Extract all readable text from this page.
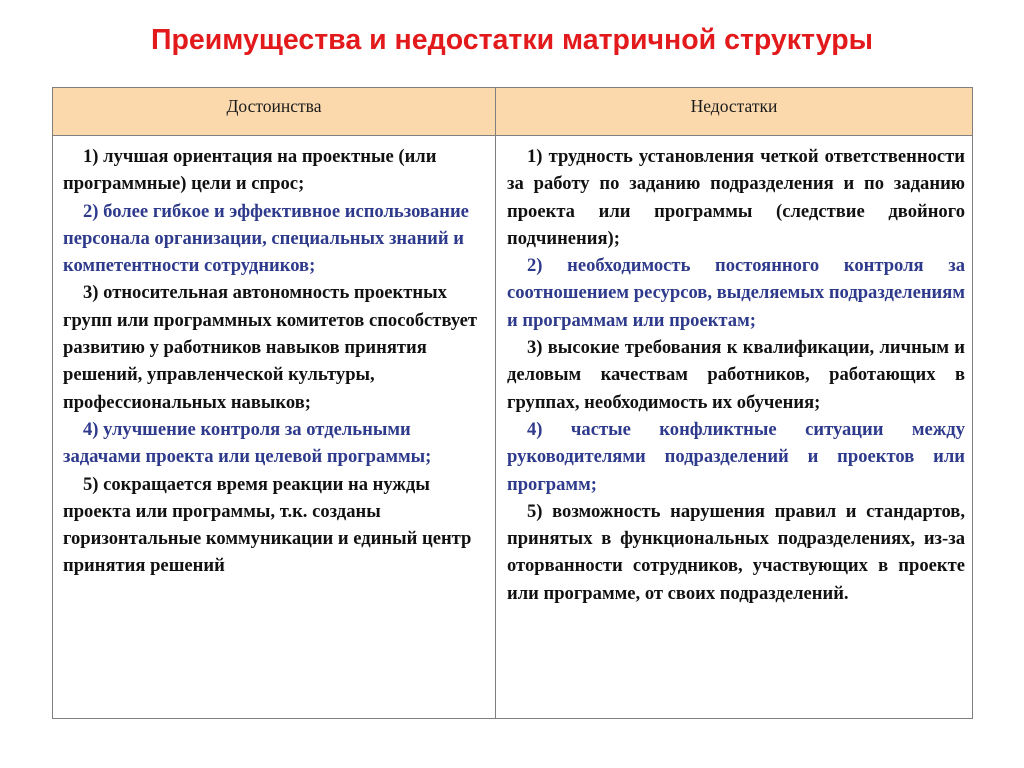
Преимущества и недостатки матричной структуры
Достоинства	Недостатки

1) лучшая ориентация на проектные (или программные) цели и спрос;

2) более гибкое и эффективное использование персонала организации, специальных знаний и компетентности сотрудников;

3) относительная автономность проектных групп или программных комитетов способствует развитию у работников навыков принятия решений, управленческой культуры, профессиональных навыков;

4) улучшение контроля за отдельными задачами проекта или целевой программы;

5) сокращается время реакции на нужды проекта или программы, т.к. созданы горизонтальные коммуникации и единый центр принятия решений

1) трудность установления четкой ответственности за работу по заданию подразделения и по заданию проекта или программы (следствие двойного подчинения);

2) необходимость постоянного контроля за соотношением ресурсов, выделяемых подразделениям и программам или проектам;

3) высокие требования к квалификации, личным и деловым качествам работников, работающих в группах, необходимость их обучения;

4) частые конфликтные ситуации между руководителями подразделений и проектов или программ;

5) возможность нарушения правил и стандартов, принятых в функциональных подразделениях, из-за оторванности сотрудников, участвующих в проекте или программе, от своих подразделений.
